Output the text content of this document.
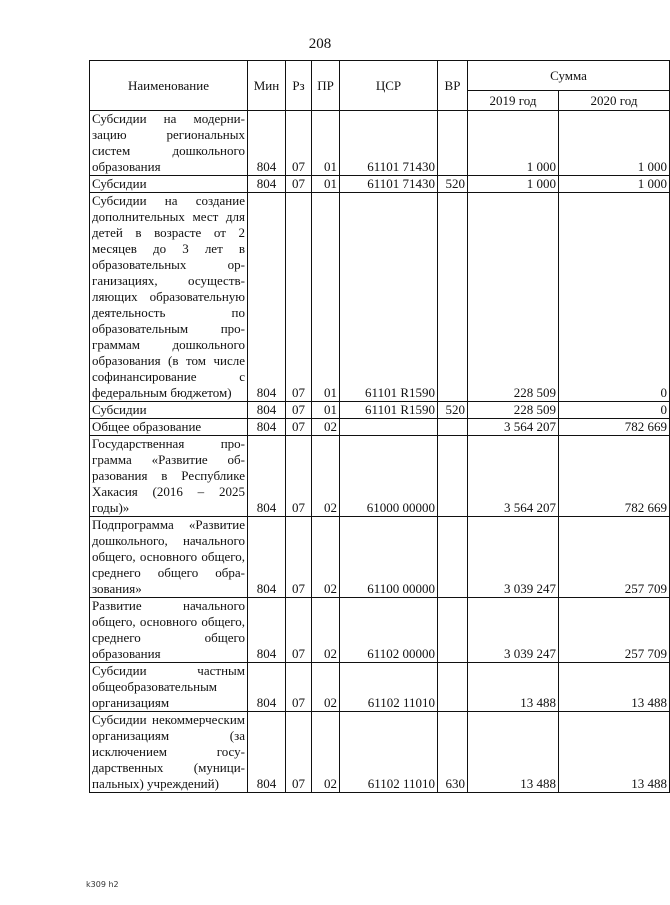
208
Наименование	Мин	Рз	ПР	ЦСР	ВР	Сумма	
						2019 год	2020 год
Субсидии на модернизацию региональных систем дошкольного образования	804	07	01	61101 71430		1 000	1 000
Субсидии	804	07	01	61101 71430	520	1 000	1 000
Субсидии на создание дополнительных мест для детей в возрасте от 2 месяцев до 3 лет в образовательных организациях, осуществляющих образовательную деятельность по образовательным программам дошкольного образования (в том числе софинансирование с федеральным бюджетом)	804	07	01	61101 R1590		228 509	0
Субсидии	804	07	01	61101 R1590	520	228 509	0
Общее образование	804	07	02			3 564 207	782 669
Государственная программа «Развитие образования в Республике Хакасия (2016 – 2025 годы)»	804	07	02	61000 00000		3 564 207	782 669
Подпрограмма «Развитие дошкольного, начального общего, основного общего, среднего общего образования»	804	07	02	61100 00000		3 039 247	257 709
Развитие начального общего, основного общего, среднего общего образования	804	07	02	61102 00000		3 039 247	257 709
Субсидии частным общеобразовательным организациям	804	07	02	61102 11010		13 488	13 488
Субсидии некоммерческим организациям (за исключением государственных (муниципальных) учреждений)	804	07	02	61102 11010	630	13 488	13 488
k309 h2
